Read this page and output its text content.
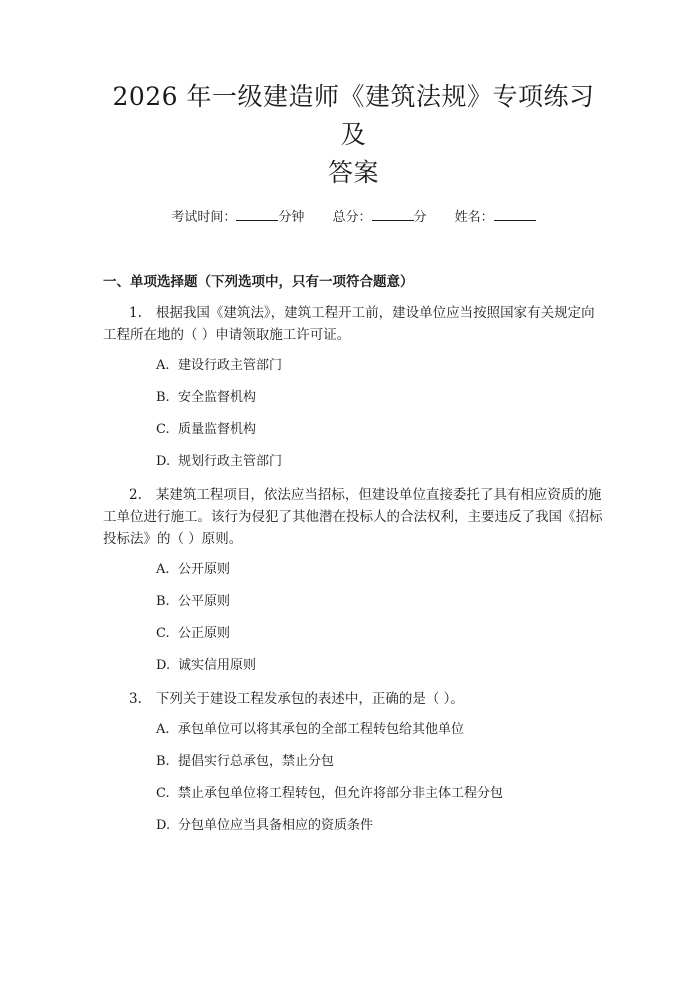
2026 年一级建造师《建筑法规》专项练习及
答案
考试时间：	分钟 总分：	分 姓名：
一、单项选择题（下列选项中，只有一项符合题意）

1. 根据我国《建筑法》，建筑工程开工前，建设单位应当按照国家有关规定向工程所在地的（ ）申请领取施工许可证。

A. 建设行政主管部门
B. 安全监督机构
C. 质量监督机构
D. 规划行政主管部门

2. 某建筑工程项目，依法应当招标，但建设单位直接委托了具有相应资质的施工单位进行施工。该行为侵犯了其他潜在投标人的合法权利，主要违反了我国《招标投标法》的（ ）原则。

A. 公开原则
B. 公平原则
C. 公正原则
D. 诚实信用原则

3. 下列关于建设工程发承包的表述中，正确的是（ ）。

A. 承包单位可以将其承包的全部工程转包给其他单位
B. 提倡实行总承包，禁止分包
C. 禁止承包单位将工程转包，但允许将部分非主体工程分包
D. 分包单位应当具备相应的资质条件
